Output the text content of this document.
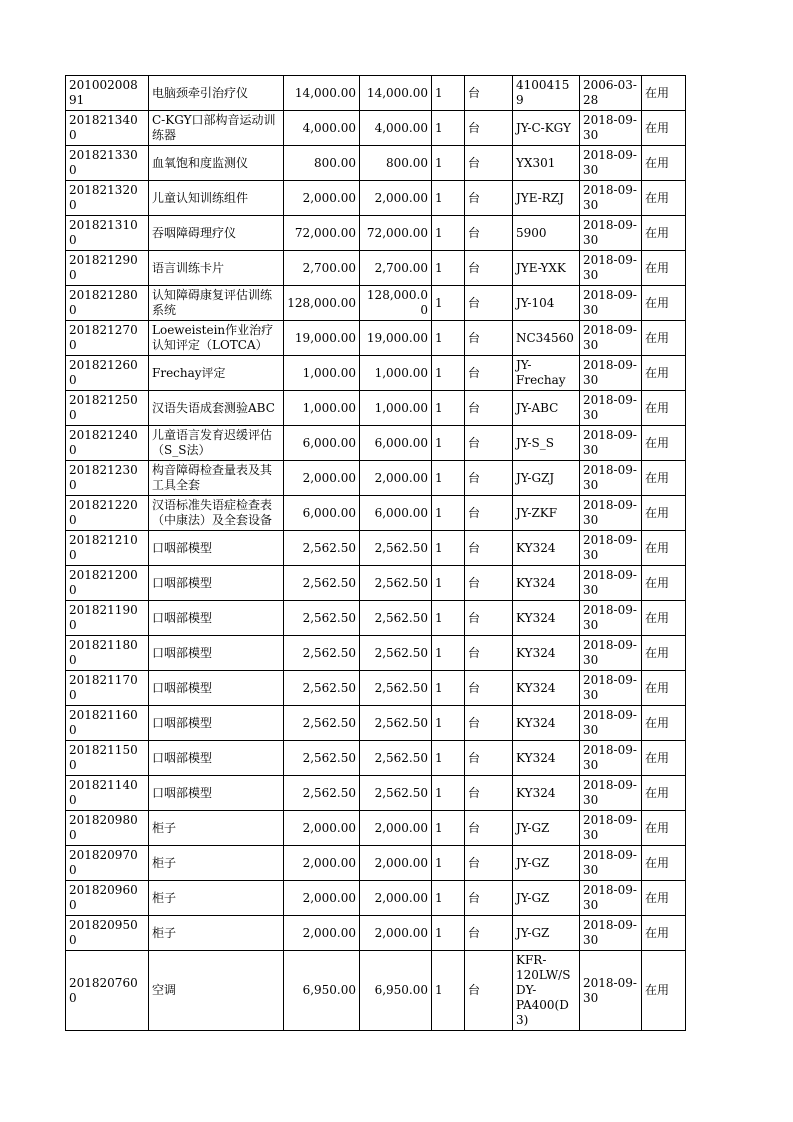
20100200891	电脑颈牵引治疗仪	14,000.00	14,000.00	1	台	41004159	2006-03-28	在用
2018213400	C-KGY口部构音运动训练器	4,000.00	4,000.00	1	台	JY-C-KGY	2018-09-30	在用
2018213300	血氧饱和度监测仪	800.00	800.00	1	台	YX301	2018-09-30	在用
2018213200	儿童认知训练组件	2,000.00	2,000.00	1	台	JYE-RZJ	2018-09-30	在用
2018213100	吞咽障碍理疗仪	72,000.00	72,000.00	1	台	5900	2018-09-30	在用
2018212900	语言训练卡片	2,700.00	2,700.00	1	台	JYE-YXK	2018-09-30	在用
2018212800	认知障碍康复评估训练系统	128,000.00	128,000.00	1	台	JY-104	2018-09-30	在用
2018212700	Loeweistein作业治疗认知评定（LOTCA）	19,000.00	19,000.00	1	台	NC34560	2018-09-30	在用
2018212600	Frechay评定	1,000.00	1,000.00	1	台	JY-Frechay	2018-09-30	在用
2018212500	汉语失语成套测验ABC	1,000.00	1,000.00	1	台	JY-ABC	2018-09-30	在用
2018212400	儿童语言发育迟缓评估（S_S法）	6,000.00	6,000.00	1	台	JY-S_S	2018-09-30	在用
2018212300	构音障碍检查量表及其工具全套	2,000.00	2,000.00	1	台	JY-GZJ	2018-09-30	在用
2018212200	汉语标准失语症检查表（中康法）及全套设备	6,000.00	6,000.00	1	台	JY-ZKF	2018-09-30	在用
2018212100	口咽部模型	2,562.50	2,562.50	1	台	KY324	2018-09-30	在用
2018212000	口咽部模型	2,562.50	2,562.50	1	台	KY324	2018-09-30	在用
2018211900	口咽部模型	2,562.50	2,562.50	1	台	KY324	2018-09-30	在用
2018211800	口咽部模型	2,562.50	2,562.50	1	台	KY324	2018-09-30	在用
2018211700	口咽部模型	2,562.50	2,562.50	1	台	KY324	2018-09-30	在用
2018211600	口咽部模型	2,562.50	2,562.50	1	台	KY324	2018-09-30	在用
2018211500	口咽部模型	2,562.50	2,562.50	1	台	KY324	2018-09-30	在用
2018211400	口咽部模型	2,562.50	2,562.50	1	台	KY324	2018-09-30	在用
2018209800	柜子	2,000.00	2,000.00	1	台	JY-GZ	2018-09-30	在用
2018209700	柜子	2,000.00	2,000.00	1	台	JY-GZ	2018-09-30	在用
2018209600	柜子	2,000.00	2,000.00	1	台	JY-GZ	2018-09-30	在用
2018209500	柜子	2,000.00	2,000.00	1	台	JY-GZ	2018-09-30	在用
2018207600	空调	6,950.00	6,950.00	1	台	KFR-120LW/SDY-PA400(D3)	2018-09-30	在用
